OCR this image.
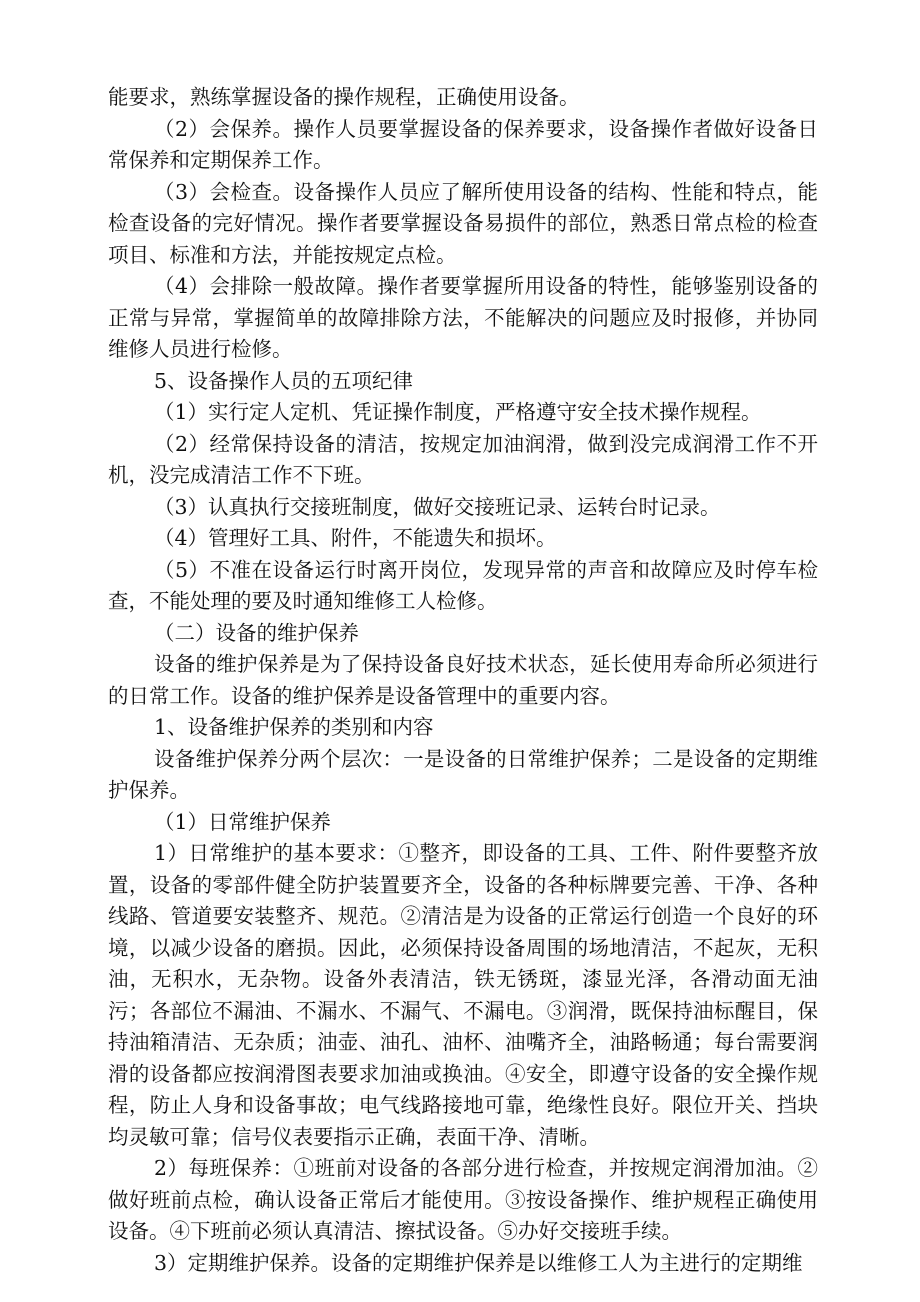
能要求，熟练掌握设备的操作规程，正确使用设备。

（2）会保养。操作人员要掌握设备的保养要求，设备操作者做好设备日常保养和定期保养工作。

（3）会检查。设备操作人员应了解所使用设备的结构、性能和特点，能检查设备的完好情况。操作者要掌握设备易损件的部位，熟悉日常点检的检查项目、标准和方法，并能按规定点检。

（4）会排除一般故障。操作者要掌握所用设备的特性，能够鉴别设备的正常与异常，掌握简单的故障排除方法，不能解决的问题应及时报修，并协同维修人员进行检修。

5、设备操作人员的五项纪律

（1）实行定人定机、凭证操作制度，严格遵守安全技术操作规程。

（2）经常保持设备的清洁，按规定加油润滑，做到没完成润滑工作不开机，没完成清洁工作不下班。

（3）认真执行交接班制度，做好交接班记录、运转台时记录。

（4）管理好工具、附件，不能遗失和损坏。

（5）不准在设备运行时离开岗位，发现异常的声音和故障应及时停车检查，不能处理的要及时通知维修工人检修。

（二）设备的维护保养

设备的维护保养是为了保持设备良好技术状态，延长使用寿命所必须进行的日常工作。设备的维护保养是设备管理中的重要内容。

1、设备维护保养的类别和内容

设备维护保养分两个层次：一是设备的日常维护保养；二是设备的定期维护保养。

（1）日常维护保养

1）日常维护的基本要求：①整齐，即设备的工具、工件、附件要整齐放置，设备的零部件健全防护装置要齐全，设备的各种标牌要完善、干净、各种线路、管道要安装整齐、规范。②清洁是为设备的正常运行创造一个良好的环境，以减少设备的磨损。因此，必须保持设备周围的场地清洁，不起灰，无积油，无积水，无杂物。设备外表清洁，铁无锈斑，漆显光泽，各滑动面无油污；各部位不漏油、不漏水、不漏气、不漏电。③润滑，既保持油标醒目，保持油箱清洁、无杂质；油壶、油孔、油杯、油嘴齐全，油路畅通；每台需要润滑的设备都应按润滑图表要求加油或换油。④安全，即遵守设备的安全操作规程，防止人身和设备事故；电气线路接地可靠，绝缘性良好。限位开关、挡块均灵敏可靠；信号仪表要指示正确，表面干净、清晰。

2）每班保养：①班前对设备的各部分进行检查，并按规定润滑加油。②做好班前点检，确认设备正常后才能使用。③按设备操作、维护规程正确使用设备。④下班前必须认真清洁、擦拭设备。⑤办好交接班手续。

3）定期维护保养。设备的定期维护保养是以维修工人为主进行的定期维
